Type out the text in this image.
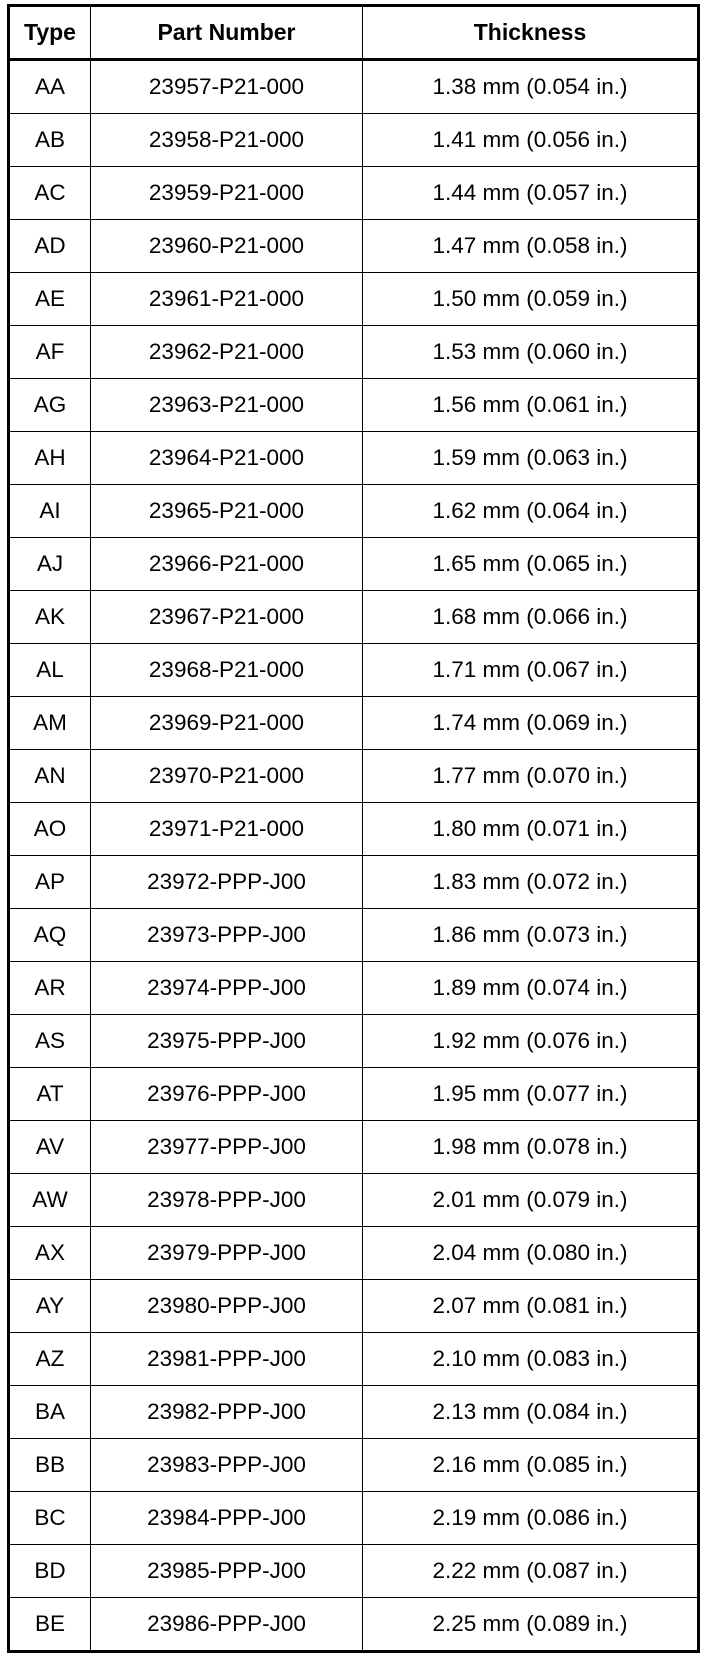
Type	Part Number	Thickness
AA	23957-P21-000	1.38 mm (0.054 in.)
AB	23958-P21-000	1.41 mm (0.056 in.)
AC	23959-P21-000	1.44 mm (0.057 in.)
AD	23960-P21-000	1.47 mm (0.058 in.)
AE	23961-P21-000	1.50 mm (0.059 in.)
AF	23962-P21-000	1.53 mm (0.060 in.)
AG	23963-P21-000	1.56 mm (0.061 in.)
AH	23964-P21-000	1.59 mm (0.063 in.)
AI	23965-P21-000	1.62 mm (0.064 in.)
AJ	23966-P21-000	1.65 mm (0.065 in.)
AK	23967-P21-000	1.68 mm (0.066 in.)
AL	23968-P21-000	1.71 mm (0.067 in.)
AM	23969-P21-000	1.74 mm (0.069 in.)
AN	23970-P21-000	1.77 mm (0.070 in.)
AO	23971-P21-000	1.80 mm (0.071 in.)
AP	23972-PPP-J00	1.83 mm (0.072 in.)
AQ	23973-PPP-J00	1.86 mm (0.073 in.)
AR	23974-PPP-J00	1.89 mm (0.074 in.)
AS	23975-PPP-J00	1.92 mm (0.076 in.)
AT	23976-PPP-J00	1.95 mm (0.077 in.)
AV	23977-PPP-J00	1.98 mm (0.078 in.)
AW	23978-PPP-J00	2.01 mm (0.079 in.)
AX	23979-PPP-J00	2.04 mm (0.080 in.)
AY	23980-PPP-J00	2.07 mm (0.081 in.)
AZ	23981-PPP-J00	2.10 mm (0.083 in.)
BA	23982-PPP-J00	2.13 mm (0.084 in.)
BB	23983-PPP-J00	2.16 mm (0.085 in.)
BC	23984-PPP-J00	2.19 mm (0.086 in.)
BD	23985-PPP-J00	2.22 mm (0.087 in.)
BE	23986-PPP-J00	2.25 mm (0.089 in.)
